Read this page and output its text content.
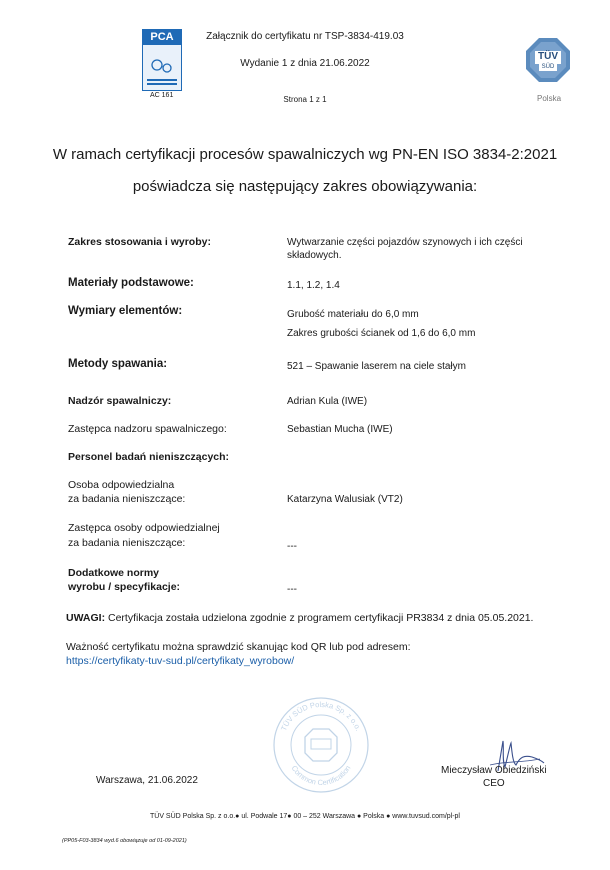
PCA
AC 161
Załącznik do certyfikatu nr TSP-3834-419.03
Wydanie 1 z dnia 21.06.2022
Strona 1 z 1
TÜV
SÜD
Polska
W ramach certyfikacji procesów spawalniczych wg PN-EN ISO 3834-2:2021
poświadcza się następujący zakres obowiązywania:
Zakres stosowania i wyroby:	Wytwarzanie części pojazdów szynowych i ich części
składowych.
Materiały podstawowe:	1.1, 1.2, 1.4
Wymiary elementów:	Grubość materiału do 6,0 mm
Zakres grubości ścianek od 1,6 do 6,0 mm
Metody spawania:	521 – Spawanie laserem na ciele stałym
Nadzór spawalniczy:	Adrian Kula (IWE)
Zastępca nadzoru spawalniczego:	Sebastian Mucha (IWE)
Personel badań nieniszczących:
Osoba odpowiedzialna
za badania nieniszczące:	Katarzyna Walusiak (VT2)
Zastępca osoby odpowiedzialnej
za badania nieniszczące:	---
Dodatkowe normy
wyrobu / specyfikacje:	---
UWAGI: Certyfikacja została udzielona zgodnie z programem certyfikacji PR3834 z dnia 05.05.2021.
Ważność certyfikatu można sprawdzić skanując kod QR lub pod adresem:
https://certyfikaty-tuv-sud.pl/certyfikaty_wyrobow/
TÜV SÜD Polska Sp. z o.o.
Common Certification
Warszawa, 21.06.2022
Mieczysław Obiedziński
CEO
TÜV SÜD Polska Sp. z o.o.● ul. Podwale 17● 00 – 252 Warszawa ● Polska ● www.tuvsud.com/pl-pl
(PP05-F03-3834 wyd.6 obowiązuje od 01-09-2021)
